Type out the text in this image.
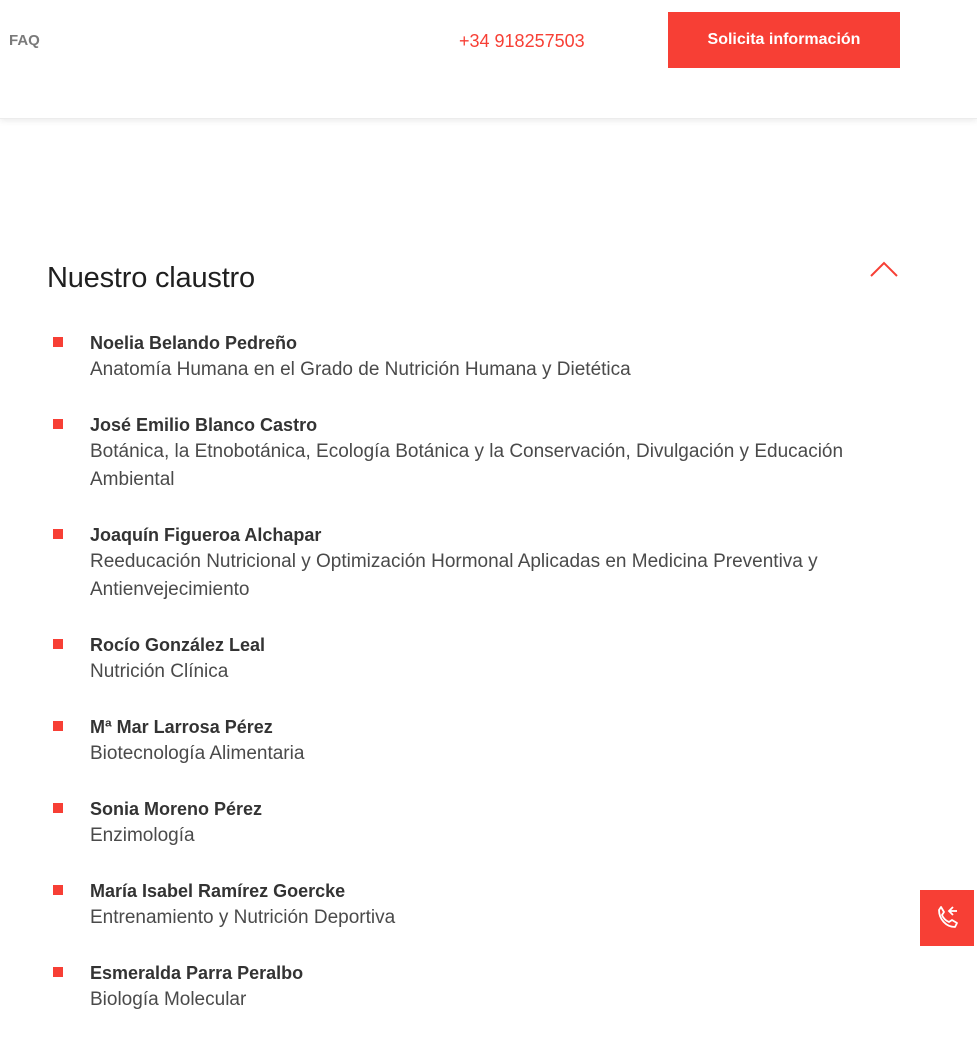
FAQ	+34 918257503	Solicita información
Nuestro claustro
Noelia Belando Pedreño
Anatomía Humana en el Grado de Nutrición Humana y Dietética
José Emilio Blanco Castro
Botánica, la Etnobotánica, Ecología Botánica y la Conservación, Divulgación y Educación Ambiental
Joaquín Figueroa Alchapar
Reeducación Nutricional y Optimización Hormonal Aplicadas en Medicina Preventiva y Antienvejecimiento
Rocío González Leal
Nutrición Clínica
Mª Mar Larrosa Pérez
Biotecnología Alimentaria
Sonia Moreno Pérez
Enzimología
María Isabel Ramírez Goercke
Entrenamiento y Nutrición Deportiva
Esmeralda Parra Peralbo
Biología Molecular
